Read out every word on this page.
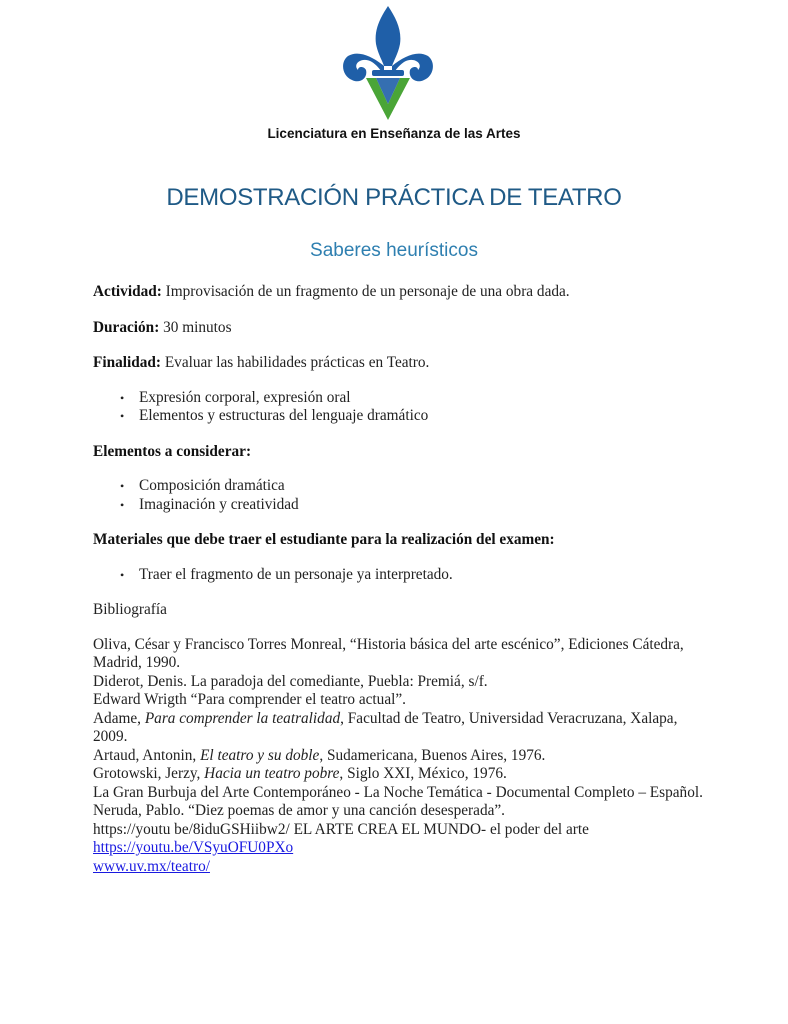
Licenciatura en Enseñanza de las Artes
DEMOSTRACIÓN PRÁCTICA DE TEATRO
Saberes heurísticos

Actividad: Improvisación de un fragmento de un personaje de una obra dada.

Duración: 30 minutos

Finalidad: Evaluar las habilidades prácticas en Teatro.

• Expresión corporal, expresión oral
• Elementos y estructuras del lenguaje dramático

Elementos a considerar:

• Composición dramática
• Imaginación y creatividad

Materiales que debe traer el estudiante para la realización del examen:

• Traer el fragmento de un personaje ya interpretado.

Bibliografía

Oliva, César y Francisco Torres Monreal, “Historia básica del arte escénico”, Ediciones Cátedra, Madrid, 1990.

Diderot, Denis. La paradoja del comediante, Puebla: Premiá, s/f.

Edward Wrigth “Para comprender el teatro actual”.

Adame, Para comprender la teatralidad, Facultad de Teatro, Universidad Veracruzana, Xalapa, 2009.

Artaud, Antonin, El teatro y su doble, Sudamericana, Buenos Aires, 1976.

Grotowski, Jerzy, Hacia un teatro pobre, Siglo XXI, México, 1976.

La Gran Burbuja del Arte Contemporáneo - La Noche Temática - Documental Completo – Español.

Neruda, Pablo. “Diez poemas de amor y una canción desesperada”.

https://youtu be/8iduGSHiibw2/ EL ARTE CREA EL MUNDO- el poder del arte

https://youtu.be/VSyuOFU0PXo

www.uv.mx/teatro/
